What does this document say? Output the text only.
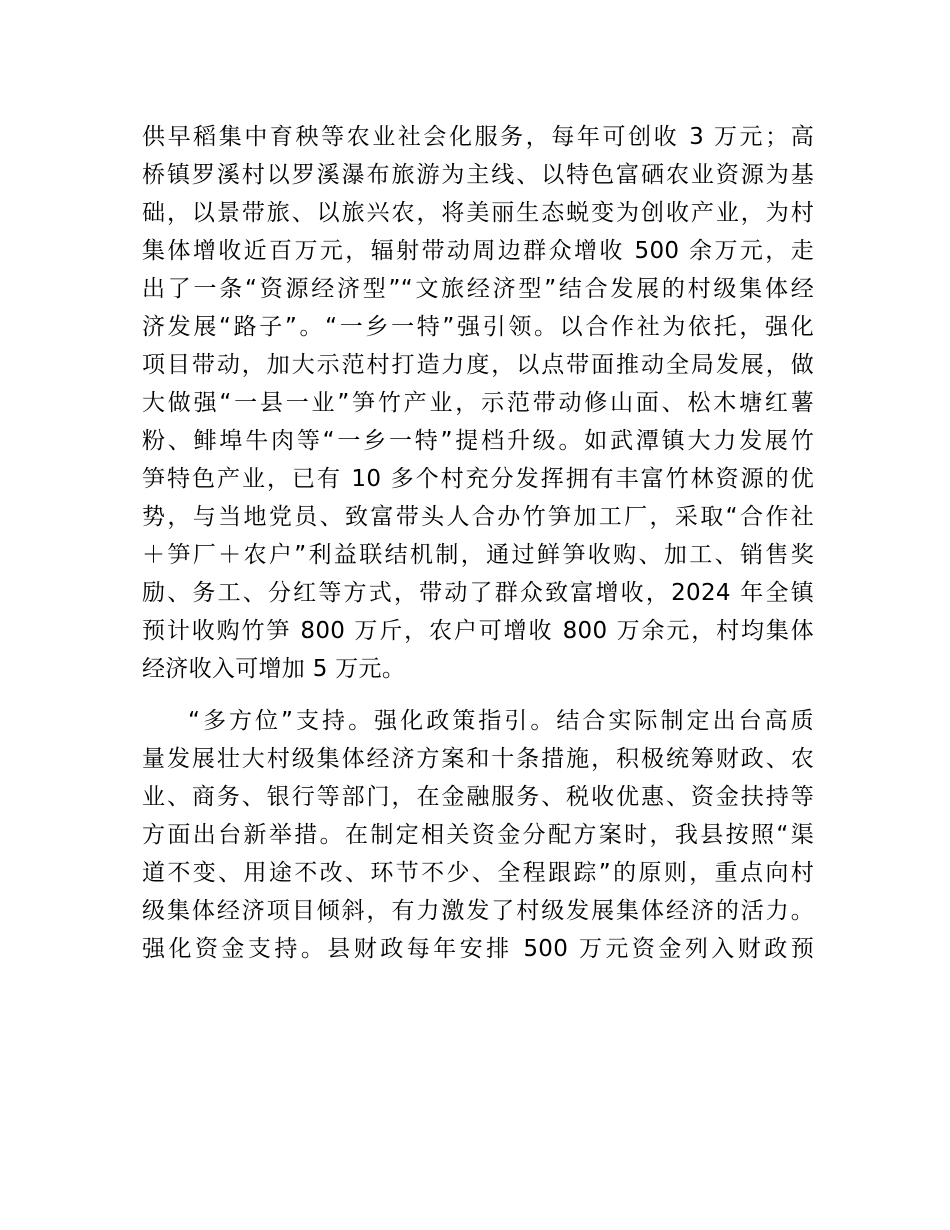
供早稻集中育秧等农业社会化服务，每年可创收 3 万元；高
桥镇罗溪村以罗溪瀑布旅游为主线、以特色富硒农业资源为基
础，以景带旅、以旅兴农，将美丽生态蜕变为创收产业，为村
集体增收近百万元，辐射带动周边群众增收 500 余万元，走
出了一条“资源经济型”“文旅经济型”结合发展的村级集体经
济发展“路子”。“一乡一特”强引领。以合作社为依托，强化
项目带动，加大示范村打造力度，以点带面推动全局发展，做
大做强“一县一业”笋竹产业，示范带动修山面、松木塘红薯
粉、鲱埠牛肉等“一乡一特”提档升级。如武潭镇大力发展竹
笋特色产业，已有 10 多个村充分发挥拥有丰富竹林资源的优
势，与当地党员、致富带头人合办竹笋加工厂，采取“合作社
＋笋厂＋农户”利益联结机制，通过鲜笋收购、加工、销售奖
励、务工、分红等方式，带动了群众致富增收，2024 年全镇
预计收购竹笋 800 万斤，农户可增收 800 万余元，村均集体
经济收入可增加 5 万元。
“多方位”支持。强化政策指引。结合实际制定出台高质
量发展壮大村级集体经济方案和十条措施，积极统筹财政、农
业、商务、银行等部门，在金融服务、税收优惠、资金扶持等
方面出台新举措。在制定相关资金分配方案时，我县按照“渠
道不变、用途不改、环节不少、全程跟踪”的原则，重点向村
级集体经济项目倾斜，有力激发了村级发展集体经济的活力。
强化资金支持。县财政每年安排 500 万元资金列入财政预
